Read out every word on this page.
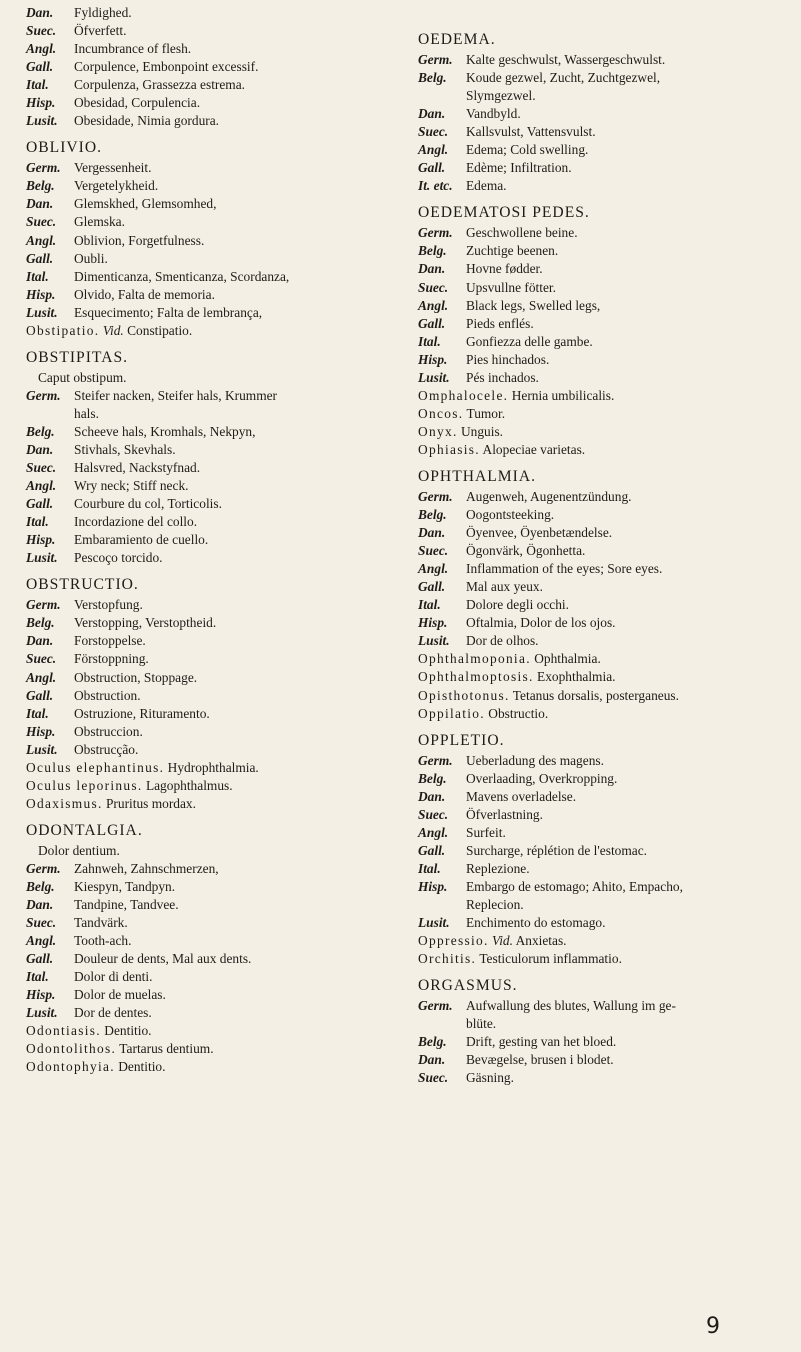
Dan.	Fyldighed.
Suec.	Öfverfett.
Angl.	Incumbrance of flesh.
Gall.	Corpulence, Embonpoint excessif.
Ital.	Corpulenza, Grassezza estrema.
Hisp.	Obesidad, Corpulencia.
Lusit.	Obesidade, Nimia gordura.
OBLIVIO.
Germ.	Vergessenheit.
Belg.	Vergetelykheid.
Dan.	Glemskhed, Glemsomhed,
Suec.	Glemska.
Angl.	Oblivion, Forgetfulness.
Gall.	Oubli.
Ital.	Dimenticanza, Smenticanza, Scordanza,
Hisp.	Olvido, Falta de memoria.
Lusit.	Esquecimento; Falta de lembrança,
Obstipatio. Vid. Constipatio.
OBSTIPITAS.
Caput obstipum.
Germ.	Steifer nacken, Steifer hals, Krummer
hals.
Belg.	Scheeve hals, Kromhals, Nekpyn,
Dan.	Stivhals, Skevhals.
Suec.	Halsvred, Nackstyfnad.
Angl.	Wry neck; Stiff neck.
Gall.	Courbure du col, Torticolis.
Ital.	Incordazione del collo.
Hisp.	Embaramiento de cuello.
Lusit.	Pescoço torcido.
OBSTRUCTIO.
Germ.	Verstopfung.
Belg.	Verstopping, Verstoptheid.
Dan.	Forstoppelse.
Suec.	Förstoppning.
Angl.	Obstruction, Stoppage.
Gall.	Obstruction.
Ital.	Ostruzione, Rituramento.
Hisp.	Obstruccion.
Lusit.	Obstrucção.
Oculus elephantinus. Hydrophthalmia.
Oculus leporinus. Lagophthalmus.
Odaxismus. Pruritus mordax.
ODONTALGIA.
Dolor dentium.
Germ.	Zahnweh, Zahnschmerzen,
Belg.	Kiespyn, Tandpyn.
Dan.	Tandpine, Tandvee.
Suec.	Tandvärk.
Angl.	Tooth-ach.
Gall.	Douleur de dents, Mal aux dents.
Ital.	Dolor di denti.
Hisp.	Dolor de muelas.
Lusit.	Dor de dentes.
Odontiasis. Dentitio.
Odontolithos. Tartarus dentium.
Odontophyia. Dentitio.
OEDEMA.
Germ.	Kalte geschwulst, Wassergeschwulst.
Belg.	Koude gezwel, Zucht, Zuchtgezwel,
Slymgezwel.
Dan.	Vandbyld.
Suec.	Kallsvulst, Vattensvulst.
Angl.	Edema; Cold swelling.
Gall.	Edème; Infiltration.
It. etc.	Edema.
OEDEMATOSI PEDES.
Germ.	Geschwollene beine.
Belg.	Zuchtige beenen.
Dan.	Hovne fødder.
Suec.	Upsvullne fötter.
Angl.	Black legs, Swelled legs,
Gall.	Pieds enflés.
Ital.	Gonfiezza delle gambe.
Hisp.	Pies hinchados.
Lusit.	Pés inchados.
Omphalocele. Hernia umbilicalis.
Oncos. Tumor.
Onyx. Unguis.
Ophiasis. Alopeciae varietas.
OPHTHALMIA.
Germ.	Augenweh, Augenentzündung.
Belg.	Oogontsteeking.
Dan.	Öyenvee, Öyenbetændelse.
Suec.	Ögonvärk, Ögonhetta.
Angl.	Inflammation of the eyes; Sore eyes.
Gall.	Mal aux yeux.
Ital.	Dolore degli occhi.
Hisp.	Oftalmia, Dolor de los ojos.
Lusit.	Dor de olhos.
Ophthalmoponia. Ophthalmia.
Ophthalmoptosis. Exophthalmia.
Opisthotonus. Tetanus dorsalis, posterganeus.
Oppilatio. Obstructio.
OPPLETIO.
Germ.	Ueberladung des magens.
Belg.	Overlaading, Overkropping.
Dan.	Mavens overladelse.
Suec.	Öfverlastning.
Angl.	Surfeit.
Gall.	Surcharge, réplétion de l'estomac.
Ital.	Replezione.
Hisp.	Embargo de estomago; Ahito, Empacho,
Replecion.
Lusit.	Enchimento do estomago.
Oppressio. Vid. Anxietas.
Orchitis. Testiculorum inflammatio.
ORGASMUS.
Germ.	Aufwallung des blutes, Wallung im ge-
blüte.
Belg.	Drift, gesting van het bloed.
Dan.	Bevægelse, brusen i blodet.
Suec.	Gäsning.
9
